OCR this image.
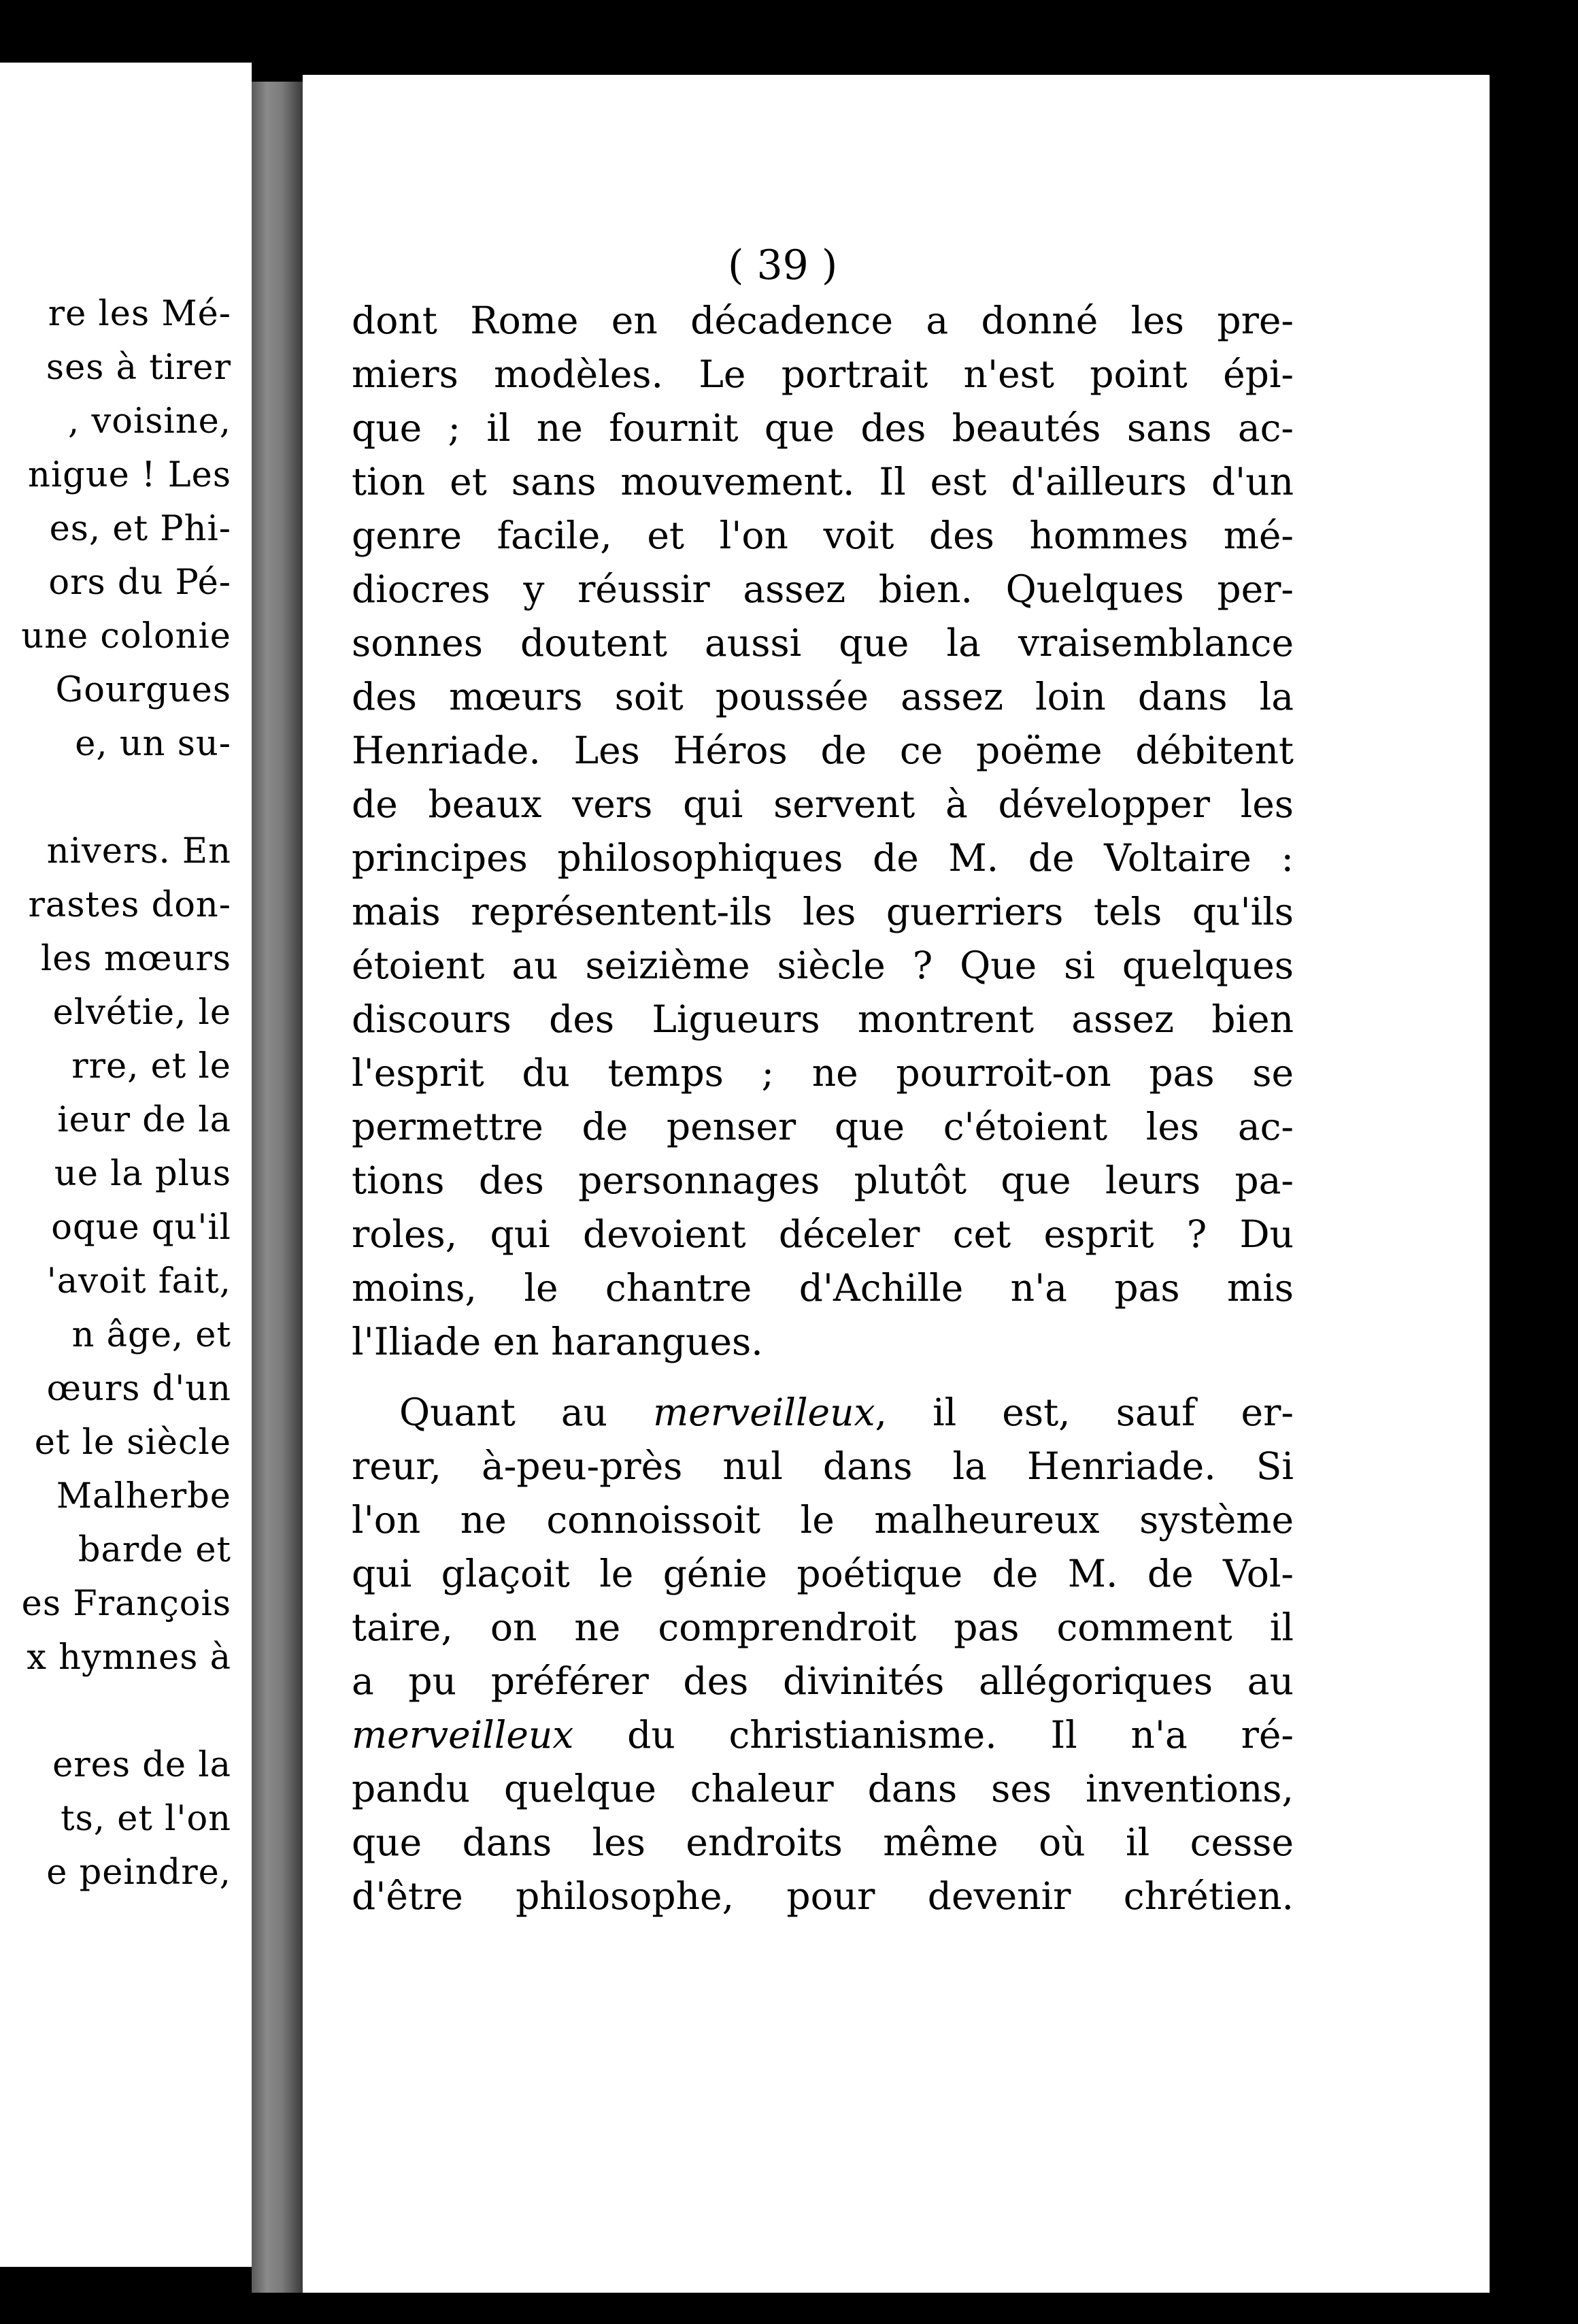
re les Mé-
ses à tirer
, voisine,
nigue ! Les
es, et Phi-
ors du Pé-
une colonie
Gourgues
e, un su-
nivers. En
rastes don-
les mœurs
elvétie, le
rre, et le
ieur de la
ue la plus
oque qu'il
'avoit fait,
n âge, et
œurs d'un
et le siècle
Malherbe
barde et
es François
x hymnes à
eres de la
ts, et l'on
e peindre,
( 39 )
dont Rome en décadence a donné les pre-
miers modèles. Le portrait n'est point épi-
que ; il ne fournit que des beautés sans ac-
tion et sans mouvement. Il est d'ailleurs d'un
genre facile, et l'on voit des hommes mé-
diocres y réussir assez bien. Quelques per-
sonnes doutent aussi que la vraisemblance
des mœurs soit poussée assez loin dans la
Henriade. Les Héros de ce poëme débitent
de beaux vers qui servent à développer les
principes philosophiques de M. de Voltaire :
mais représentent-ils les guerriers tels qu'ils
étoient au seizième siècle ? Que si quelques
discours des Ligueurs montrent assez bien
l'esprit du temps ; ne pourroit-on pas se
permettre de penser que c'étoient les ac-
tions des personnages plutôt que leurs pa-
roles, qui devoient déceler cet esprit ? Du
moins, le chantre d'Achille n'a pas mis
l'Iliade en harangues.
Quant au merveilleux, il est, sauf er-
reur, à-peu-près nul dans la Henriade. Si
l'on ne connoissoit le malheureux système
qui glaçoit le génie poétique de M. de Vol-
taire, on ne comprendroit pas comment il
a pu préférer des divinités allégoriques au
merveilleux du christianisme. Il n'a ré-
pandu quelque chaleur dans ses inventions,
que dans les endroits même où il cesse
d'être philosophe, pour devenir chrétien.
